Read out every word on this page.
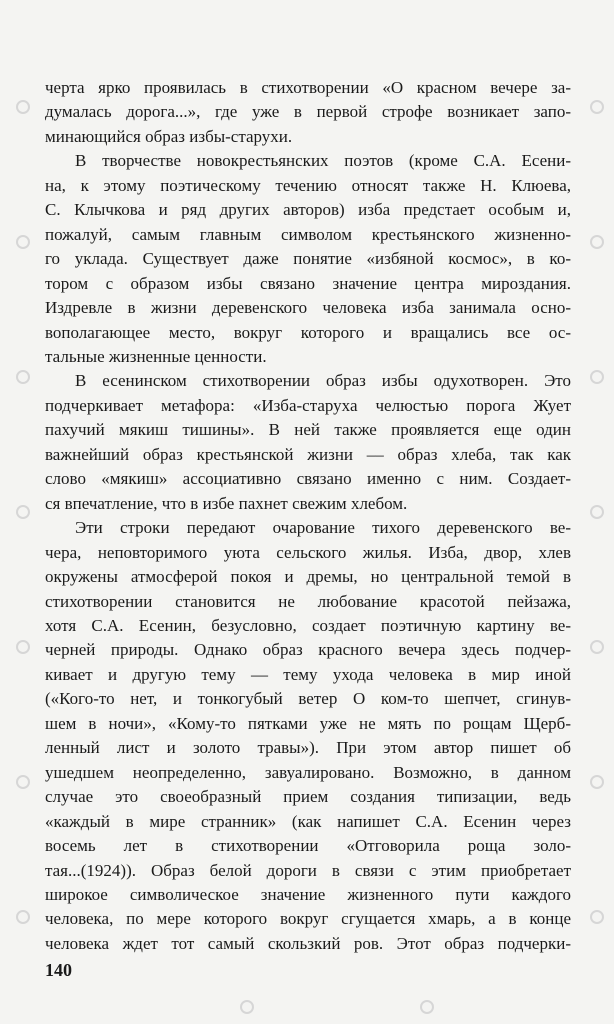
черта ярко проявилась в стихотворении «О красном вечере за-
думалась дорога...», где уже в первой строфе возникает запо-
минающийся образ избы-старухи.
В творчестве новокрестьянских поэтов (кроме С.А. Есени-
на, к этому поэтическому течению относят также Н. Клюева,
С. Клычкова и ряд других авторов) изба предстает особым и,
пожалуй, самым главным символом крестьянского жизненно-
го уклада. Существует даже понятие «избяной космос», в ко-
тором с образом избы связано значение центра мироздания.
Издревле в жизни деревенского человека изба занимала осно-
вополагающее место, вокруг которого и вращались все ос-
тальные жизненные ценности.
В есенинском стихотворении образ избы одухотворен. Это
подчеркивает метафора: «Изба-старуха челюстью порога Жует
пахучий мякиш тишины». В ней также проявляется еще один
важнейший образ крестьянской жизни –– образ хлеба, так как
слово «мякиш» ассоциативно связано именно с ним. Создает-
ся впечатление, что в избе пахнет свежим хлебом.
Эти строки передают очарование тихого деревенского ве-
чера, неповторимого уюта сельского жилья. Изба, двор, хлев
окружены атмосферой покоя и дремы, но центральной темой в
стихотворении становится не любование красотой пейзажа,
хотя С.А. Есенин, безусловно, создает поэтичную картину ве-
черней природы. Однако образ красного вечера здесь подчер-
кивает и другую тему — тему ухода человека в мир иной
(«Кого-то нет, и тонкогубый ветер О ком-то шепчет, сгинув-
шем в ночи», «Кому-то пятками уже не мять по рощам Щерб-
ленный лист и золото травы»). При этом автор пишет об
ушедшем неопределенно, завуалировано. Возможно, в данном
случае это своеобразный прием создания типизации, ведь
«каждый в мире странник» (как напишет С.А. Есенин через
восемь лет в стихотворении «Отговорила роща золо-
тая...(1924)). Образ белой дороги в связи с этим приобретает
широкое символическое значение жизненного пути каждого
человека, по мере которого вокруг сгущается хмарь, а в конце
человека ждет тот самый скользкий ров. Этот образ подчерки-
140
